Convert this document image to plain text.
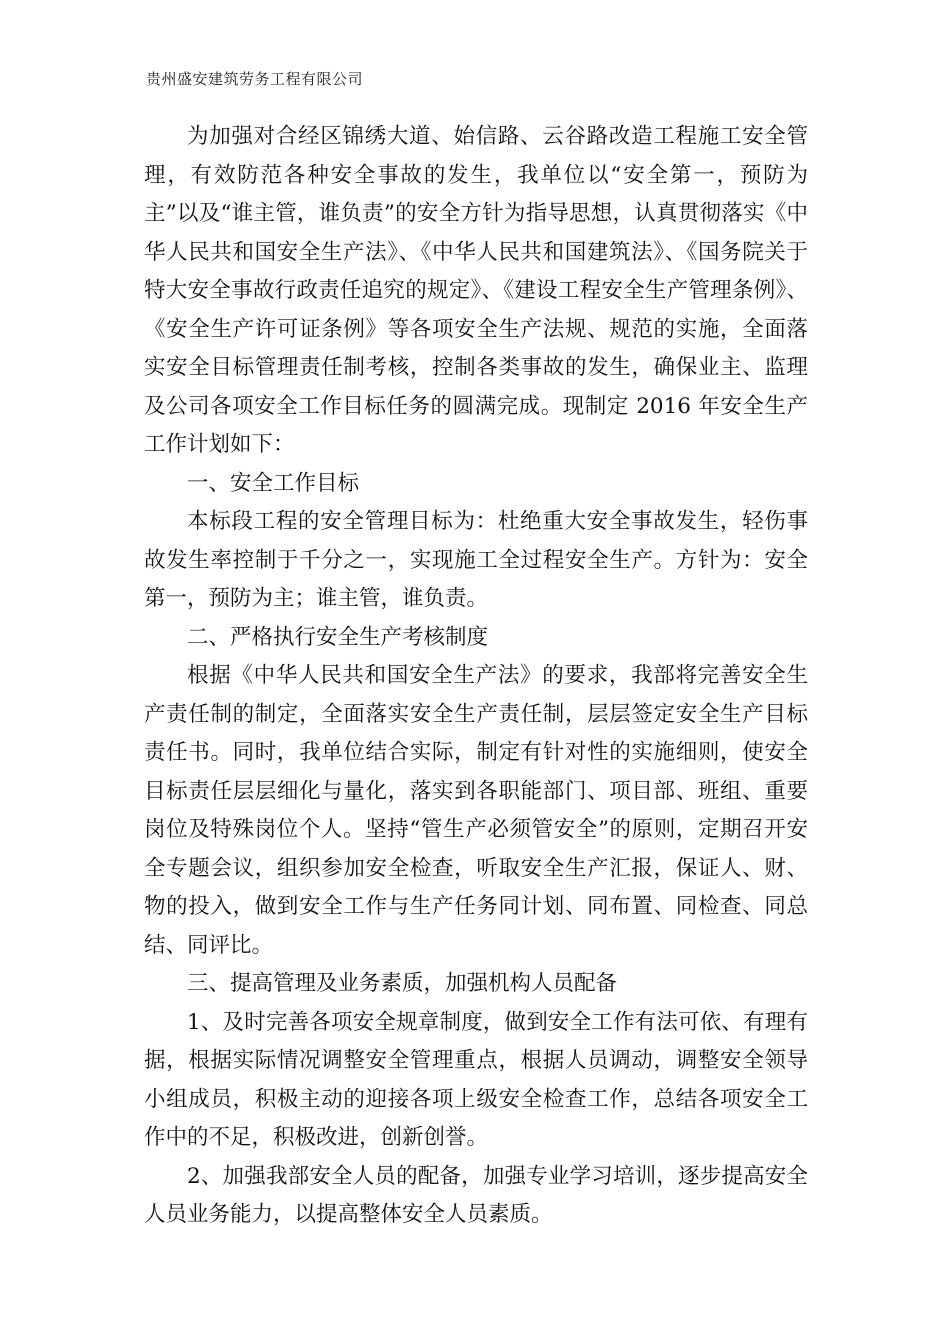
贵州盛安建筑劳务工程有限公司

为加强对合经区锦绣大道、始信路、云谷路改造工程施工安全管理，有效防范各种安全事故的发生，我单位以“安全第一，预防为主”以及“谁主管，谁负责”的安全方针为指导思想，认真贯彻落实《中华人民共和国安全生产法》、《中华人民共和国建筑法》、《国务院关于特大安全事故行政责任追究的规定》、《建设工程安全生产管理条例》、《安全生产许可证条例》等各项安全生产法规、规范的实施，全面落实安全目标管理责任制考核，控制各类事故的发生，确保业主、监理及公司各项安全工作目标任务的圆满完成。现制定 2016 年安全生产工作计划如下：

一、安全工作目标

本标段工程的安全管理目标为：杜绝重大安全事故发生，轻伤事故发生率控制于千分之一，实现施工全过程安全生产。方针为：安全第一，预防为主；谁主管，谁负责。

二、严格执行安全生产考核制度

根据《中华人民共和国安全生产法》的要求，我部将完善安全生产责任制的制定，全面落实安全生产责任制，层层签定安全生产目标责任书。同时，我单位结合实际，制定有针对性的实施细则，使安全目标责任层层细化与量化，落实到各职能部门、项目部、班组、重要岗位及特殊岗位个人。坚持“管生产必须管安全”的原则，定期召开安全专题会议，组织参加安全检查，听取安全生产汇报，保证人、财、物的投入，做到安全工作与生产任务同计划、同布置、同检查、同总结、同评比。

三、提高管理及业务素质，加强机构人员配备

1、及时完善各项安全规章制度，做到安全工作有法可依、有理有据，根据实际情况调整安全管理重点，根据人员调动，调整安全领导小组成员，积极主动的迎接各项上级安全检查工作，总结各项安全工作中的不足，积极改进，创新创誉。

2、加强我部安全人员的配备，加强专业学习培训，逐步提高安全人员业务能力，以提高整体安全人员素质。
